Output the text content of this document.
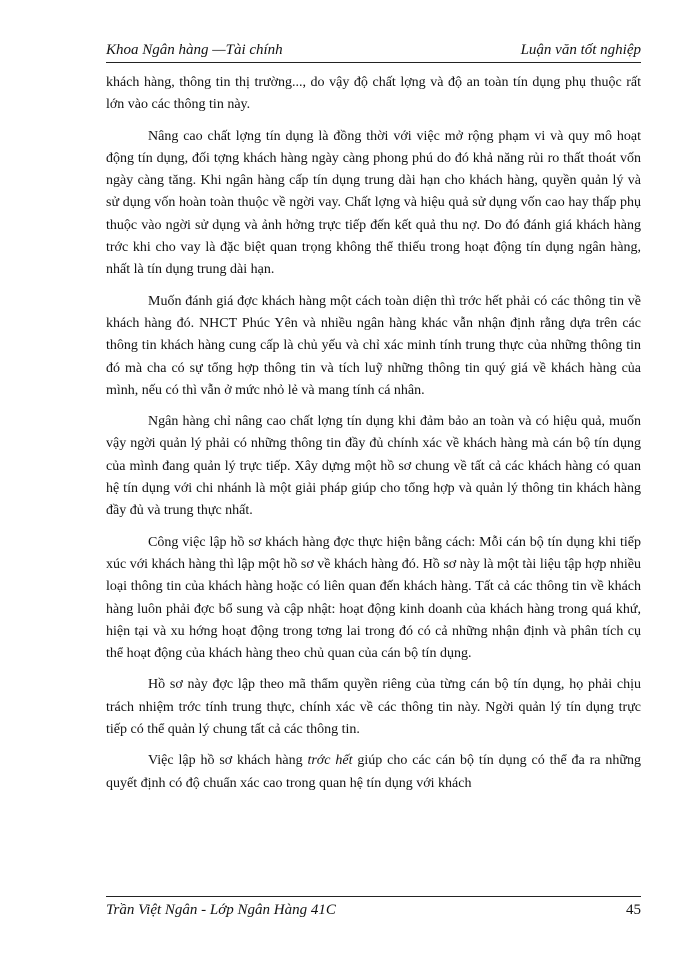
Khoa Ngân hàng —Tài chính	Luận văn tốt nghiệp

khách hàng, thông tin thị trường..., do vậy độ chất lợng và độ an toàn tín dụng phụ thuộc rất lớn vào các thông tin này.

Nâng cao chất lợng tín dụng là đồng thời với việc mở rộng phạm vi và quy mô hoạt động tín dụng, đối tợng khách hàng ngày càng phong phú do đó khả năng rủi ro thất thoát vốn ngày càng tăng. Khi ngân hàng cấp tín dụng trung dài hạn cho khách hàng, quyền quản lý và sử dụng vốn hoàn toàn thuộc về ngời vay. Chất lợng và hiệu quả sử dụng vốn cao hay thấp phụ thuộc vào ngời sử dụng và ảnh hởng trực tiếp đến kết quả thu nợ. Do đó đánh giá khách hàng trớc khi cho vay là đặc biệt quan trọng không thể thiếu trong hoạt động tín dụng ngân hàng, nhất là tín dụng trung dài hạn.

Muốn đánh giá đợc khách hàng một cách toàn diện thì trớc hết phải có các thông tin về khách hàng đó. NHCT Phúc Yên và nhiều ngân hàng khác vẫn nhận định rằng dựa trên các thông tin khách hàng cung cấp là chủ yếu và chỉ xác minh tính trung thực của những thông tin đó mà cha có sự tổng hợp thông tin và tích luỹ những thông tin quý giá về khách hàng của mình, nếu có thì vẫn ở mức nhỏ lẻ và mang tính cá nhân.

Ngân hàng chỉ nâng cao chất lợng tín dụng khi đảm bảo an toàn và có hiệu quả, muốn vậy ngời quản lý phải có những thông tin đầy đủ chính xác về khách hàng mà cán bộ tín dụng của mình đang quản lý trực tiếp. Xây dựng một hồ sơ chung về tất cả các khách hàng có quan hệ tín dụng với chi nhánh là một giải pháp giúp cho tổng hợp và quản lý thông tin khách hàng đầy đủ và trung thực nhất.

Công việc lập hồ sơ khách hàng đợc thực hiện bằng cách: Mỗi cán bộ tín dụng khi tiếp xúc với khách hàng thì lập một hồ sơ về khách hàng đó. Hồ sơ này là một tài liệu tập hợp nhiều loại thông tin của khách hàng hoặc có liên quan đến khách hàng. Tất cả các thông tin về khách hàng luôn phải đợc bổ sung và cập nhật: hoạt động kinh doanh của khách hàng trong quá khứ, hiện tại và xu hớng hoạt động trong tơng lai trong đó có cả những nhận định và phân tích cụ thể hoạt động của khách hàng theo chủ quan của cán bộ tín dụng.

Hồ sơ này đợc lập theo mã thẩm quyền riêng của từng cán bộ tín dụng, họ phải chịu trách nhiệm trớc tính trung thực, chính xác về các thông tin này. Ngời quản lý tín dụng trực tiếp có thể quản lý chung tất cả các thông tin.

Việc lập hồ sơ khách hàng trớc hết giúp cho các cán bộ tín dụng có thể đa ra những quyết định có độ chuẩn xác cao trong quan hệ tín dụng với khách

Trần Việt Ngân - Lớp Ngân Hàng 41C	45
